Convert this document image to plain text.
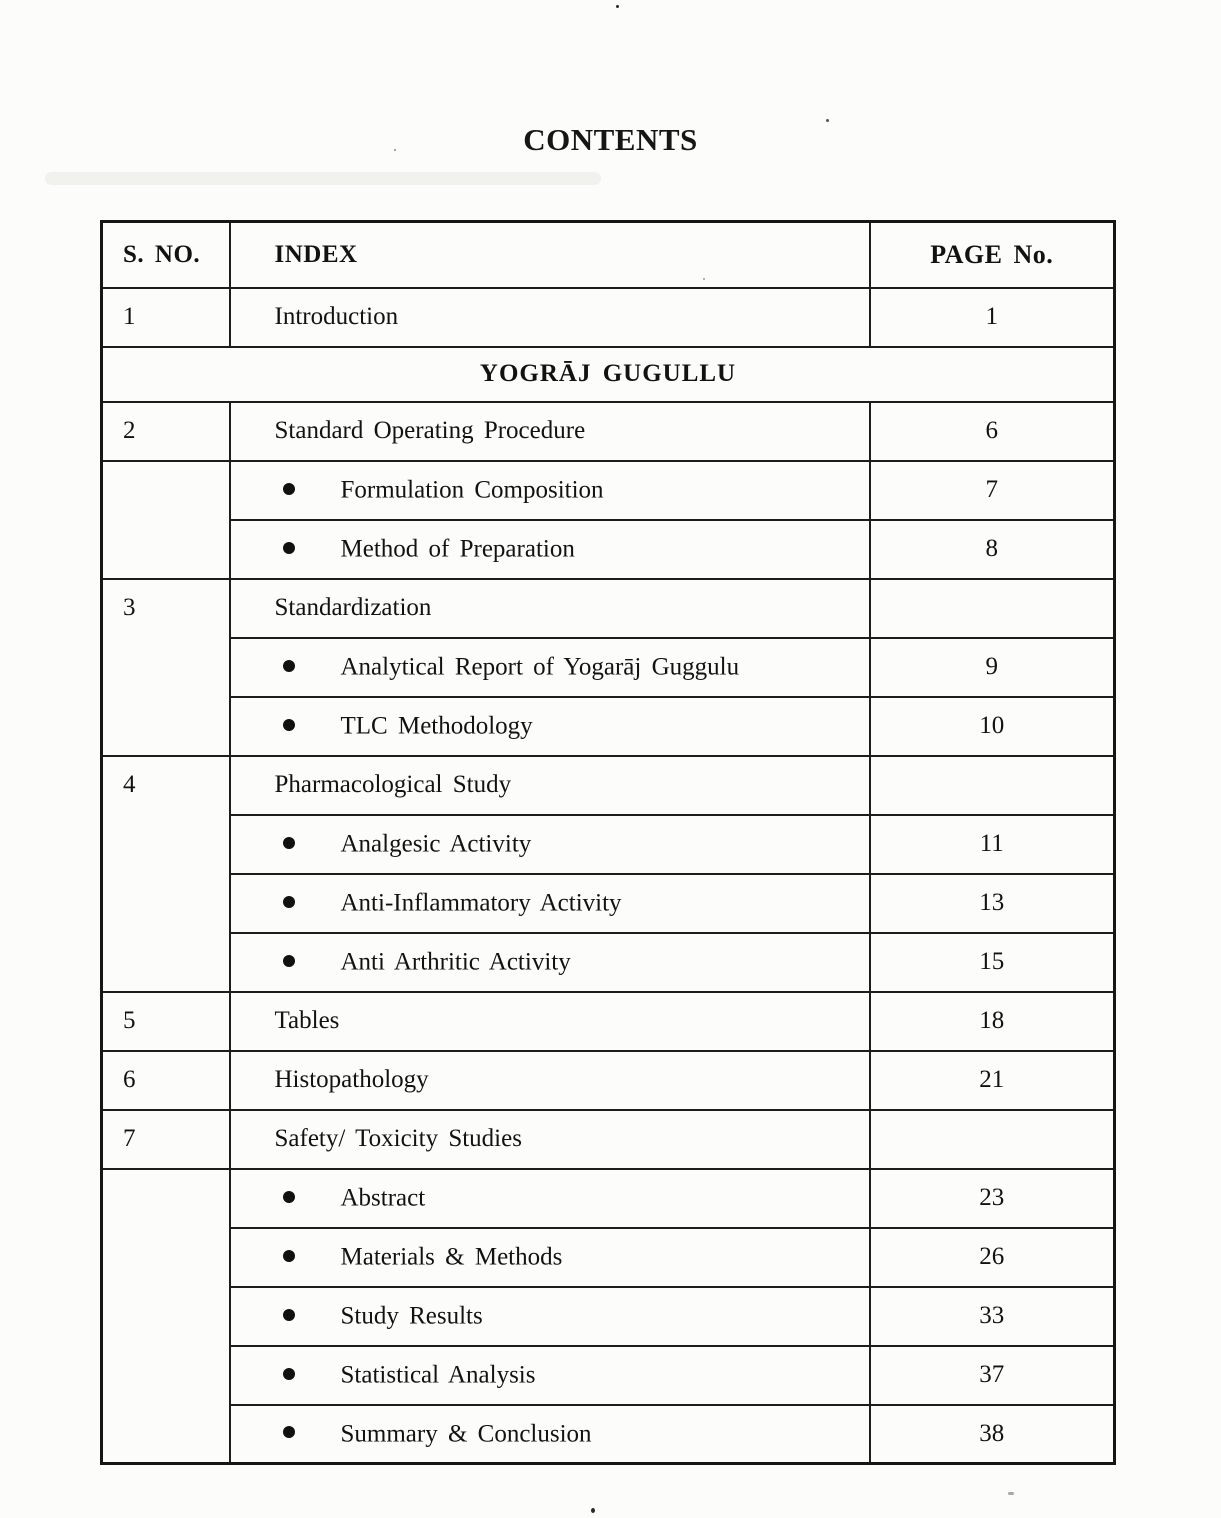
CONTENTS
S. NO.	INDEX	PAGE No.
1	Introduction	1
YOGRĀJ GUGULLU		
2	Standard Operating Procedure	6
	Formulation Composition	7
	Method of Preparation	8
3	Standardization	
	Analytical Report of Yogarāj Guggulu	9
	TLC Methodology	10
4	Pharmacological Study	
	Analgesic Activity	11
	Anti-Inflammatory Activity	13
	Anti Arthritic Activity	15
5	Tables	18
6	Histopathology	21
7	Safety/ Toxicity Studies	
	Abstract	23
	Materials & Methods	26
	Study Results	33
	Statistical Analysis	37
	Summary & Conclusion	38
